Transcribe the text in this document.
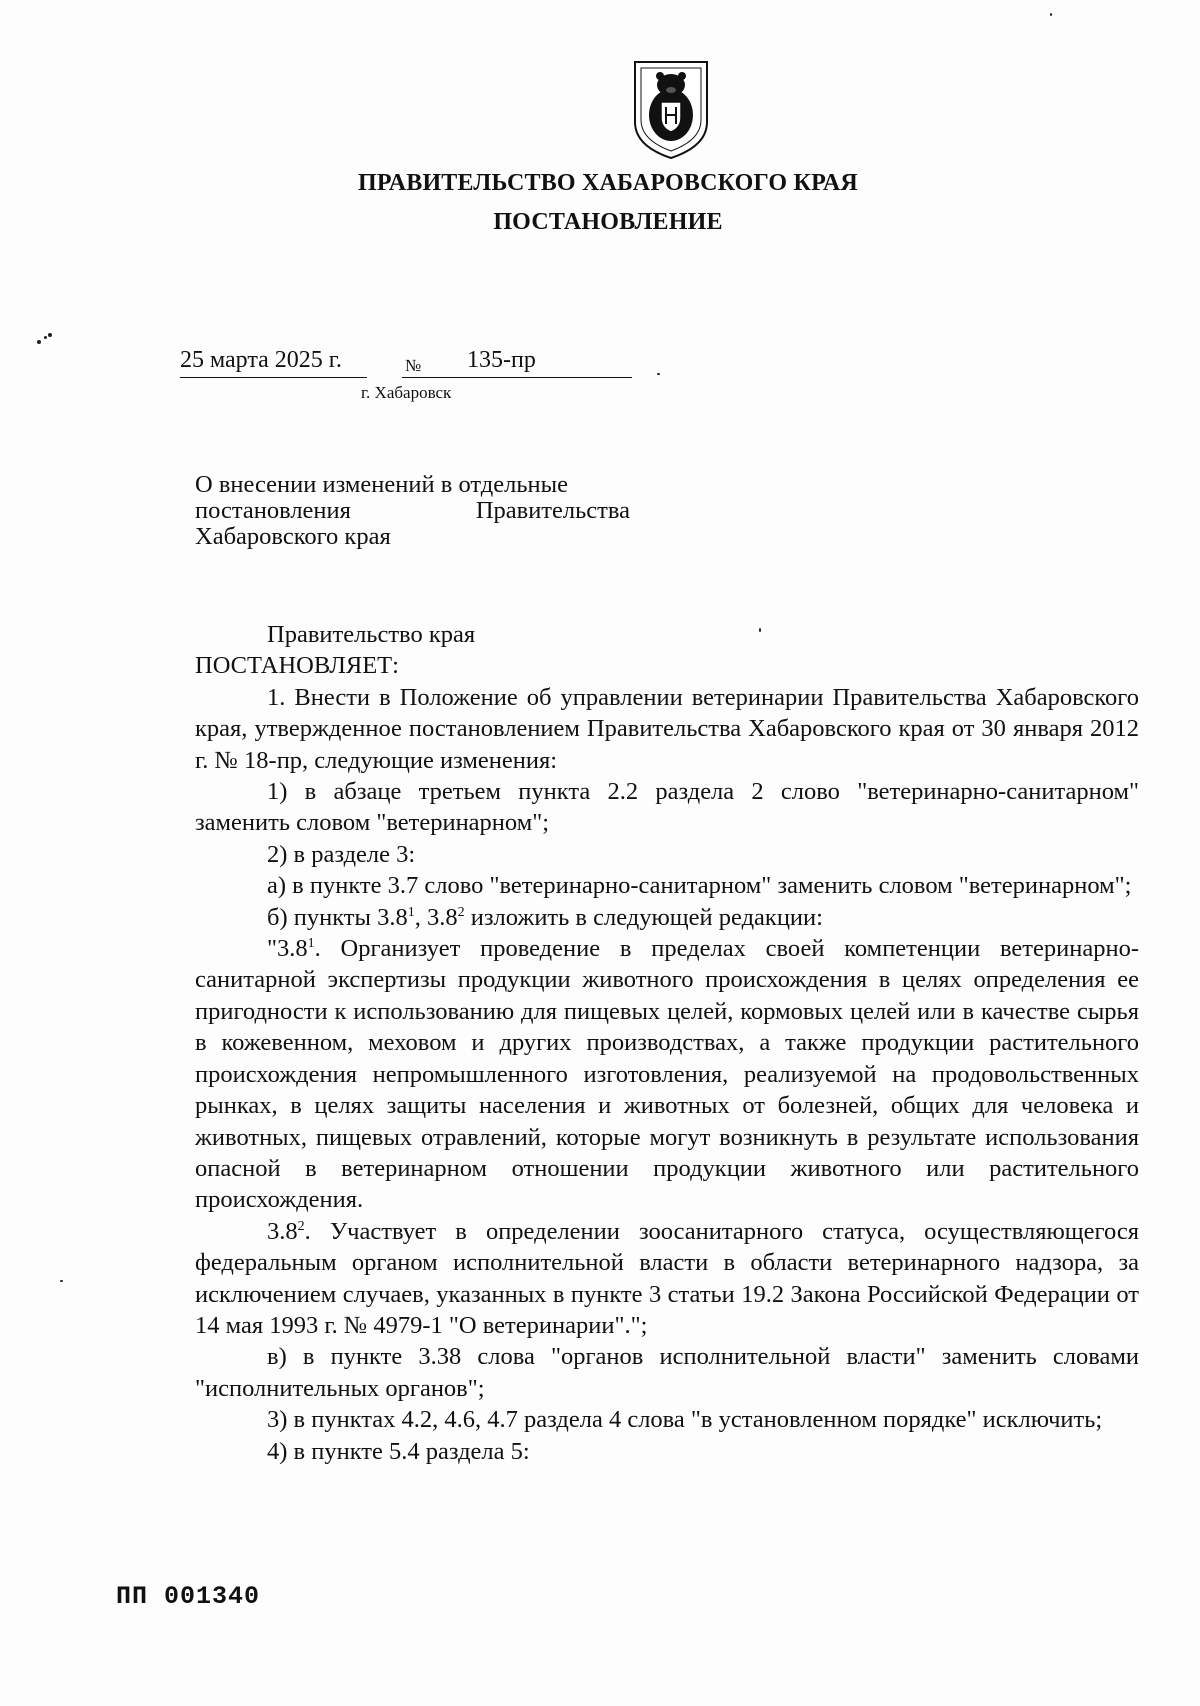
ПРАВИТЕЛЬСТВО ХАБАРОВСКОГО КРАЯ
ПОСТАНОВЛЕНИЕ
25 марта 2025 г.	№ 135-пр
г. Хабаровск
О внесении изменений в отдельные
постановления	Правительства
Хабаровского края

Правительство края

ПОСТАНОВЛЯЕТ:

1. Внести в Положение об управлении ветеринарии Правительства Хабаровского края, утвержденное постановлением Правительства Хабаровского края от 30 января 2012 г. № 18-пр, следующие изменения:

1) в абзаце третьем пункта 2.2 раздела 2 слово "ветеринарно-санитарном" заменить словом "ветеринарном";

2) в разделе 3:

а) в пункте 3.7 слово "ветеринарно-санитарном" заменить словом "ветеринарном";

б) пункты $3.8^1$, $3.8^2$ изложить в следующей редакции:

"$3.8^1$. Организует проведение в пределах своей компетенции ветеринарно-санитарной экспертизы продукции животного происхождения в целях определения ее пригодности к использованию для пищевых целей, кормовых целей или в качестве сырья в кожевенном, меховом и других производствах, а также продукции растительного происхождения непромышленного изготовления, реализуемой на продовольственных рынках, в целях защиты населения и животных от болезней, общих для человека и животных, пищевых отравлений, которые могут возникнуть в результате использования опасной в ветеринарном отношении продукции животного или растительного происхождения.

$3.8^2$. Участвует в определении зоосанитарного статуса, осуществляющегося федеральным органом исполнительной власти в области ветеринарного надзора, за исключением случаев, указанных в пункте 3 статьи 19.2 Закона Российской Федерации от 14 мая 1993 г. № 4979-1 "О ветеринарии".";

в) в пункте 3.38 слова "органов исполнительной власти" заменить словами "исполнительных органов";

3) в пунктах 4.2, 4.6, 4.7 раздела 4 слова "в установленном порядке" исключить;

4) в пункте 5.4 раздела 5:

ПП 001340
